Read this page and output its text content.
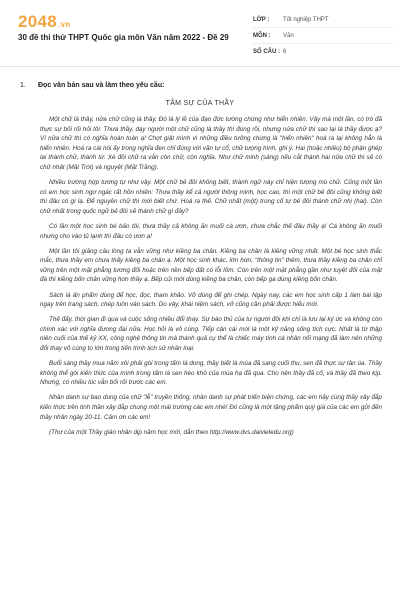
2048.vn
30 đề thi thử THPT Quốc gia môn Văn năm 2022 - Đề 29
LỚP :	Tốt nghiệp THPT
MÔN :	Văn
SỐ CÂU : 6
1. Đọc văn bản sau và làm theo yêu cầu:
TÂM SỰ CỦA THẦY

Một chữ là thầy, nửa chữ cũng là thầy. Đó là lý lẽ của đạo đức tường chừng như hiển nhiên. Vậy mà một lần, có trò đã thực sự bối rối hỏi tôi: Thưa thầy, dạy người một chữ cũng là thầy thì đúng rồi, nhưng nửa chữ thì sao lại là thầy được ạ? Vì nửa chữ thì có nghĩa hoàn toàn ạ! Chợt giật mình vì những điều tưởng chừng là "hiển nhiên" hoá ra lại không hẳn là hiển nhiên. Hoá ra cái nói ấy trong nghĩa đen chỉ đúng với văn tự cổ, chữ tượng hình, ghi ý. Hai (hoặc nhiều) bộ phận ghép lại thành chữ, thành từ. Xé đôi chữ ra vẫn còn chữ, còn nghĩa. Như chữ minh (sáng) nếu cắt thành hai nửa chữ thì sẽ có chữ nhật (Mặt Trời) và nguyệt (Mặt Trăng).

Nhiều trường hợp tương tự như vậy. Một chữ bẻ đôi không biết, thành ngữ này chỉ hiện tượng mù chữ. Cũng một lần có em học sinh ngơ ngác rất hồn nhiên: Thưa thầy kể cả người thông minh, học cao, thì một chữ bẻ đôi cũng không biết thì đâu có gì lạ. Để nguyên chữ thì mới biết chứ. Hoá ra thế. Chữ nhất (một) trong cổ tự bẻ đôi thành chữ nhị (hai). Còn chữ nhất trong quốc ngữ bẻ đôi sẽ thành chữ gì đây?

Có lần một học sinh bé bảo tôi, thưa thầy cả không ăn muối cá ươn, chưa chắc thế đâu thầy ạ! Cá không ăn muối nhưng cho vào tủ lạnh thì đâu có ươn ạ!

Một lần tôi giảng câu lòng ta vẫn vững như kiềng ba chân. Kiềng ba chân là kiềng vững nhất. Một bé học sinh thắc mắc, thưa thầy em chưa thấy kiềng ba chân ạ. Một học sinh khác, lớn hơn, "thông tin" thêm, thưa thầy kiềng ba chân chỉ vững trên một mặt phẳng tương đối hoặc trên nền bếp đất có lỗi lõm. Còn trên một mặt phẳng gần như tuyệt đối của mặt đá thì kiềng bốn chân vững hơn thầy ạ. Bếp củi mới dùng kiềng ba chân, còn bếp ga dùng kiềng bốn chân.

Sách là ấn phẩm dùng để học, đọc, tham khảo. Vở dùng để ghi chép. Ngày nay, các em học sinh cấp 1 làm bài tập ngay trên trang sách, chép luôn vào sách. Do vậy, khái niệm sách, vở cũng cần phải được hiểu mới.

Thế đấy, thời gian đi qua và cuộc sống nhiều đổi thay. Sự báo thủ của tư người đôi khi chỉ là lưu lại ký ức và không còn chính xác với nghĩa đương đại nữa. Học hỏi là vô cùng. Tiếp cận cái mới là một kỹ năng sống tích cực. Nhất là từ thập niên cuối của thế kỷ XX, công nghệ thông tin mà thành quả cụ thể là chiếc máy tính cá nhân nối mạng đã làm nên những đổi thay vô cùng to lớn trong tiến trình lịch sử nhân loại.

Buổi sáng thầy mua năm xôi phải gói trong tấm lá dong, thầy biết là mùa đã sang cuối thu, sen đã thực sự tàn úa. Thầy không thể gói kiến thức của mình trong tấm lá sen hèo khô của mùa hạ đã qua. Cho nên thầy đã cố, và thầy đã theo kịp. Nhưng, có nhiều lúc vẫn bối rối trước các em.

Nhân danh sự bao dung của chữ "lễ" truyền thống, nhân danh sự phát triển biện chứng, các em hãy cùng thầy xây đắp kiến thức trên tinh thần xây đắp chung một mái trường các em nhé! Đó cũng là một tặng phẩm quý giá của các em gửi đến thầy nhân ngày 20-11. Cảm ơn các em!

(Thư của một Thầy giáo nhân dịp năm học mới, dẫn theo http://www.dvs.daivietedu.org)
